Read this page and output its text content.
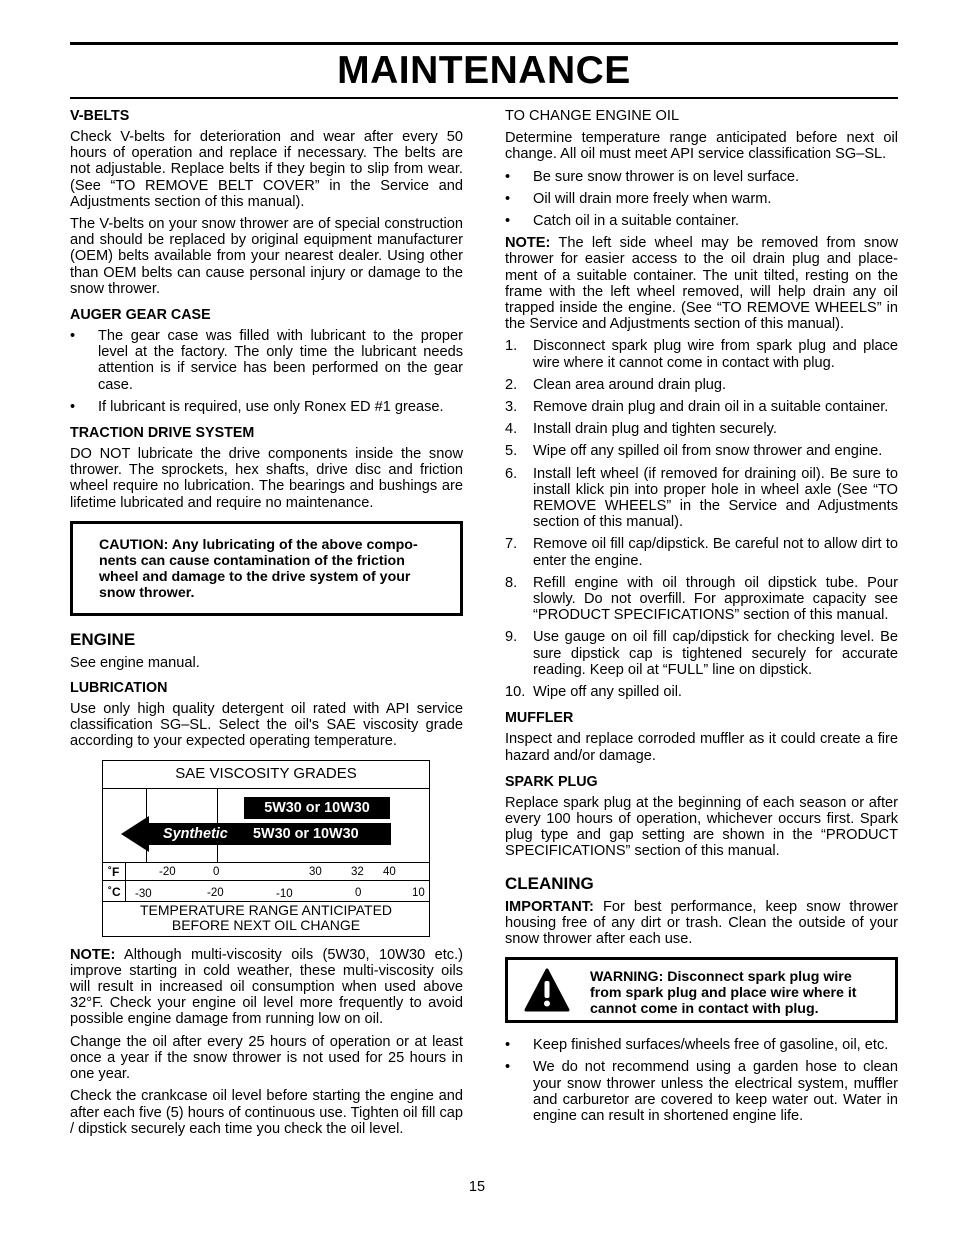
MAINTENANCE
V-BELTS

Check V-belts for deterioration and wear after every 50 hours of operation and replace if necessary. The belts are not adjustable. Replace belts if they begin to slip from wear. (See “TO REMOVE BELT COVER” in the Service and Adjustments section of this manual).

The V-belts on your snow thrower are of special construction and should be replaced by original equipment manufacturer (OEM) belts available from your nearest dealer. Using other than OEM belts can cause personal injury or damage to the snow thrower.

AUGER GEAR CASE
• The gear case was filled with lubricant to the proper level at the factory. The only time the lubricant needs attention is if service has been performed on the gear case.
• If lubricant is required, use only Ronex ED #1 grease.
TRACTION DRIVE SYSTEM

DO NOT lubricate the drive components inside the snow thrower. The sprockets, hex shafts, drive disc and friction wheel require no lubrication. The bearings and bushings are lifetime lubricated and require no maintenance.

CAUTION: Any lubricating of the above compo-
nents can cause contamination of the friction
wheel and damage to the drive system of your
snow thrower.
ENGINE
See engine manual.
LUBRICATION

Use only high quality detergent oil rated with API service classification SG–SL. Select the oil's SAE viscosity grade according to your expected operating temperature.

SAE VISCOSITY GRADES
5W30 or 10W30
Synthetic 5W30 or 10W30
˚F	-20	0	30	32 40
˚C -30	-20	-10	0	10
TEMPERATURE RANGE ANTICIPATED
BEFORE NEXT OIL CHANGE

NOTE: Although multi-viscosity oils (5W30, 10W30 etc.) improve starting in cold weather, these multi-viscosity oils will result in increased oil consumption when used above 32°F. Check your engine oil level more frequently to avoid possible engine damage from running low on oil.

Change the oil after every 25 hours of operation or at least once a year if the snow thrower is not used for 25 hours in one year.

Check the crankcase oil level before starting the engine and after each five (5) hours of continuous use. Tighten oil fill cap / dipstick securely each time you check the oil level.

TO CHANGE ENGINE OIL

Determine temperature range anticipated before next oil change. All oil must meet API service classification SG–SL.

• Be sure snow thrower is on level surface.
• Oil will drain more freely when warm.
• Catch oil in a suitable container.

NOTE: The left side wheel may be removed from snow thrower for easier access to the oil drain plug and place-ment of a suitable container. The unit tilted, resting on the frame with the left wheel removed, will help drain any oil trapped inside the engine. (See “TO REMOVE WHEELS” in the Service and Adjustments section of this manual).

1. Disconnect spark plug wire from spark plug and place wire where it cannot come in contact with plug.
2. Clean area around drain plug.
3. Remove drain plug and drain oil in a suitable container.
4. Install drain plug and tighten securely.
5. Wipe off any spilled oil from snow thrower and engine.
6. Install left wheel (if removed for draining oil). Be sure to install klick pin into proper hole in wheel axle (See “TO REMOVE WHEELS” in the Service and Adjustments section of this manual).
7. Remove oil fill cap/dipstick. Be careful not to allow dirt to enter the engine.
8. Refill engine with oil through oil dipstick tube. Pour slowly. Do not overfill. For approximate capacity see “PRODUCT SPECIFICATIONS” section of this manual.
9. Use gauge on oil fill cap/dipstick for checking level. Be sure dipstick cap is tightened securely for accurate reading. Keep oil at “FULL” line on dipstick.
10. Wipe off any spilled oil.
MUFFLER

Inspect and replace corroded muffler as it could create a fire hazard and/or damage.

SPARK PLUG

Replace spark plug at the beginning of each season or after every 100 hours of operation, whichever occurs first. Spark plug type and gap setting are shown in the “PRODUCT SPECIFICATIONS” section of this manual.

CLEANING

IMPORTANT: For best performance, keep snow thrower housing free of any dirt or trash. Clean the outside of your snow thrower after each use.

WARNING: Disconnect spark plug wire
from spark plug and place wire where it
cannot come in contact with plug.
• Keep finished surfaces/wheels free of gasoline, oil, etc.
• We do not recommend using a garden hose to clean your snow thrower unless the electrical system, muffler and carburetor are covered to keep water out. Water in engine can result in shortened engine life.
15
